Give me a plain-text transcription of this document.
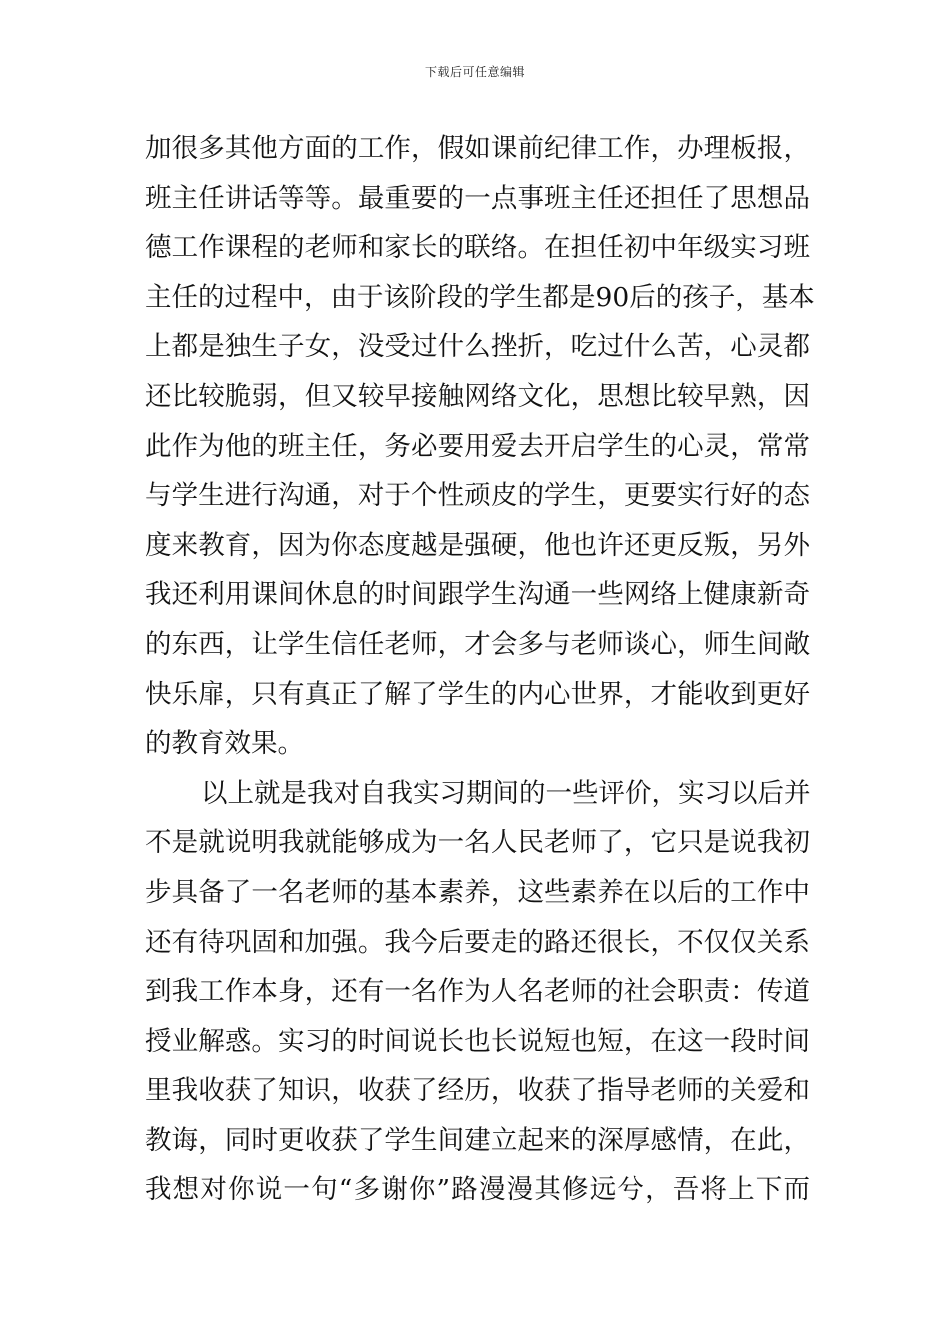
下载后可任意编辑
加很多其他方面的工作，假如课前纪律工作，办理板报，
班主任讲话等等。最重要的一点事班主任还担任了思想品
德工作课程的老师和家长的联络。在担任初中年级实习班
主任的过程中，由于该阶段的学生都是90后的孩子，基本
上都是独生子女，没受过什么挫折，吃过什么苦，心灵都
还比较脆弱，但又较早接触网络文化，思想比较早熟，因
此作为他的班主任，务必要用爱去开启学生的心灵，常常
与学生进行沟通，对于个性顽皮的学生，更要实行好的态
度来教育，因为你态度越是强硬，他也许还更反叛，另外
我还利用课间休息的时间跟学生沟通一些网络上健康新奇
的东西，让学生信任老师，才会多与老师谈心，师生间敞
快乐扉，只有真正了解了学生的内心世界，才能收到更好
的教育效果。
以上就是我对自我实习期间的一些评价，实习以后并
不是就说明我就能够成为一名人民老师了，它只是说我初
步具备了一名老师的基本素养，这些素养在以后的工作中
还有待巩固和加强。我今后要走的路还很长，不仅仅关系
到我工作本身，还有一名作为人名老师的社会职责：传道
授业解惑。实习的时间说长也长说短也短，在这一段时间
里我收获了知识，收获了经历，收获了指导老师的关爱和
教诲，同时更收获了学生间建立起来的深厚感情，在此，
我想对你说一句“多谢你”路漫漫其修远兮，吾将上下而
